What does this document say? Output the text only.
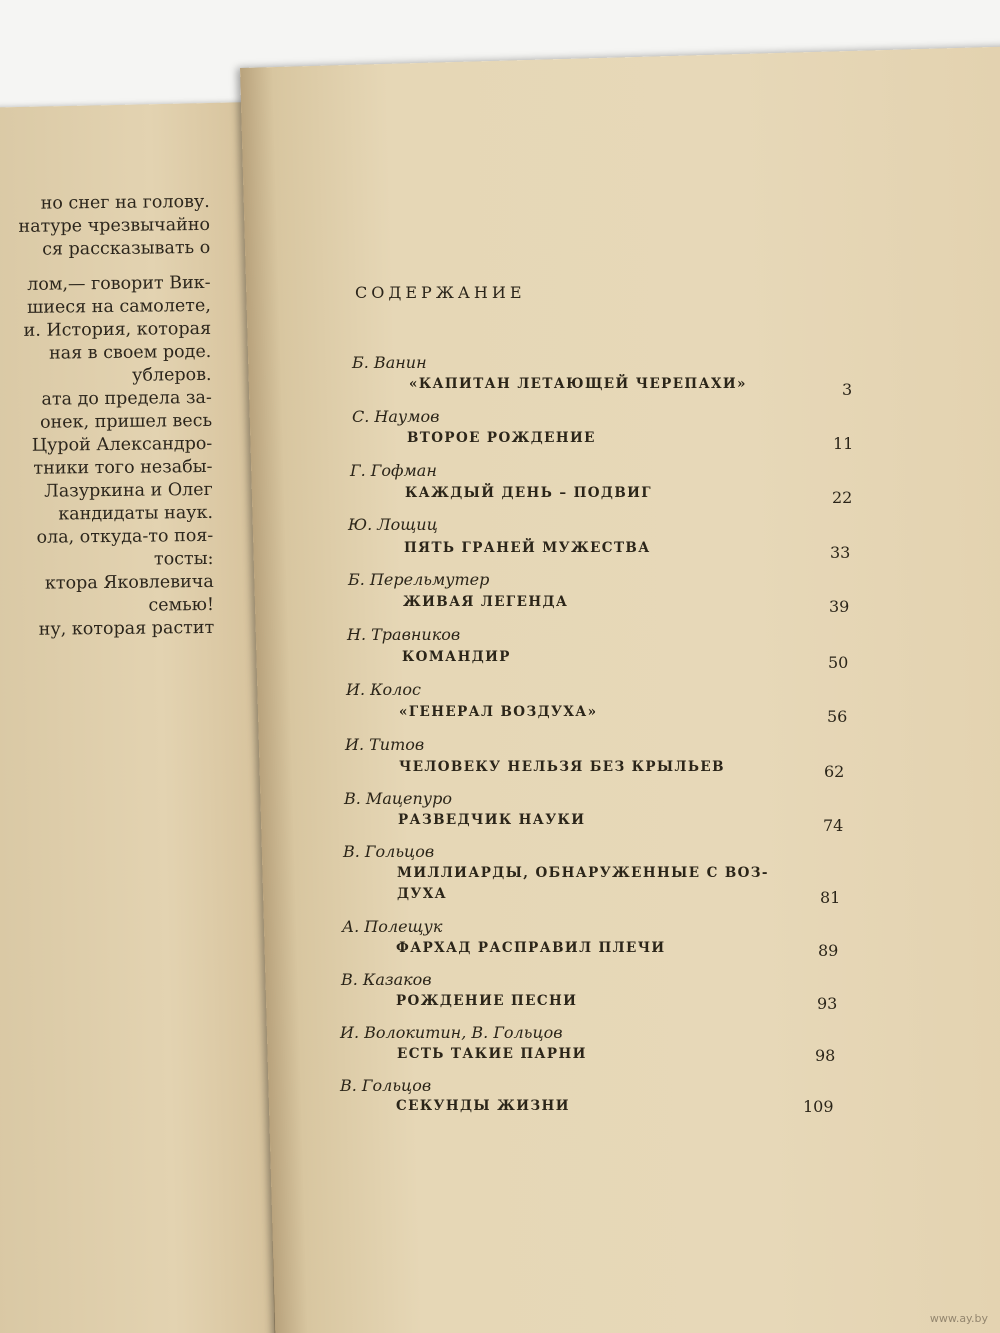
но снег на голову.
натуре чрезвычайно
ся рассказывать о
лом,— говорит Вик-
шиеся на самолете,
и. История, которая
ная в своем роде.
ублеров.
ата до предела за-
онек, пришел весь
Цурой Александро-
тники того незабы-
Лазуркина и Олег
кандидаты наук.
ола, откуда-то поя-
тосты:
ктора Яковлевича
семью!
ну, которая растит
СОДЕРЖАНИЕ
Б. Ванин
«КАПИТАН ЛЕТАЮЩЕЙ ЧЕРЕПАХИ»	3
С. Наумов
ВТОРОЕ РОЖДЕНИЕ	11
Г. Гофман
КАЖДЫЙ ДЕНЬ – ПОДВИГ	22
Ю. Лощиц
ПЯТЬ ГРАНЕЙ МУЖЕСТВА	33
Б. Перельмутер
ЖИВАЯ ЛЕГЕНДА	39
Н. Травников
КОМАНДИР	50
И. Колос
«ГЕНЕРАЛ ВОЗДУХА»	56
И. Титов
ЧЕЛОВЕКУ НЕЛЬЗЯ БЕЗ КРЫЛЬЕВ	62
В. Мацепуро
РАЗВЕДЧИК НАУКИ	74
В. Гольцов
МИЛЛИАРДЫ, ОБНАРУЖЕННЫЕ С ВОЗ-
ДУХА	81
А. Полещук
ФАРХАД РАСПРАВИЛ ПЛЕЧИ	89
В. Казаков
РОЖДЕНИЕ ПЕСНИ	93
И. Волокитин, В. Гольцов
ЕСТЬ ТАКИЕ ПАРНИ	98
В. Гольцов
СЕКУНДЫ ЖИЗНИ	109
www.ay.by
